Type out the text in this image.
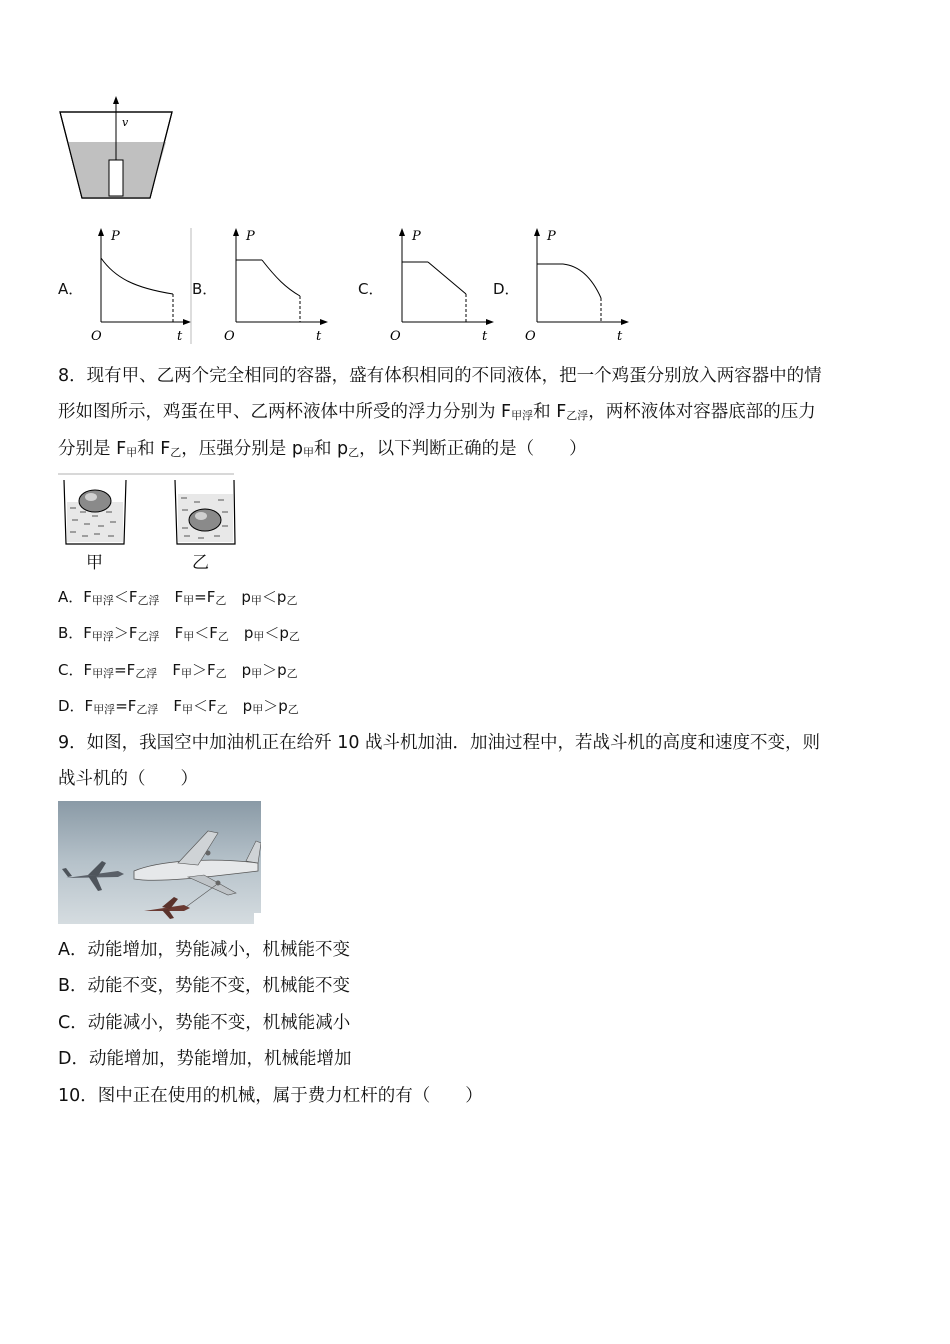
v
A．
P
t
O
B．
P
t
O
C．
P
t
O
D．
P
t
O
8．现有甲、乙两个完全相同的容器，盛有体积相同的不同液体，把一个鸡蛋分别放入两容器中的情
形如图所示，鸡蛋在甲、乙两杯液体中所受的浮力分别为 F甲浮和 F乙浮，两杯液体对容器底部的压力
分别是 F甲和 F乙，压强分别是 p甲和 p乙，以下判断正确的是（　　）
甲	乙
A．F甲浮＜F乙浮　F甲=F乙　p甲＜p乙
B．F甲浮＞F乙浮　F甲＜F乙　p甲＜p乙
C．F甲浮=F乙浮　F甲＞F乙　p甲＞p乙
D．F甲浮=F乙浮　F甲＜F乙　p甲＞p乙
9．如图，我国空中加油机正在给歼 10 战斗机加油．加油过程中，若战斗机的高度和速度不变，则
战斗机的（　　）
A．动能增加，势能减小，机械能不变
B．动能不变，势能不变，机械能不变
C．动能减小，势能不变，机械能减小
D．动能增加，势能增加，机械能增加
10．图中正在使用的机械，属于费力杠杆的有（　　）
